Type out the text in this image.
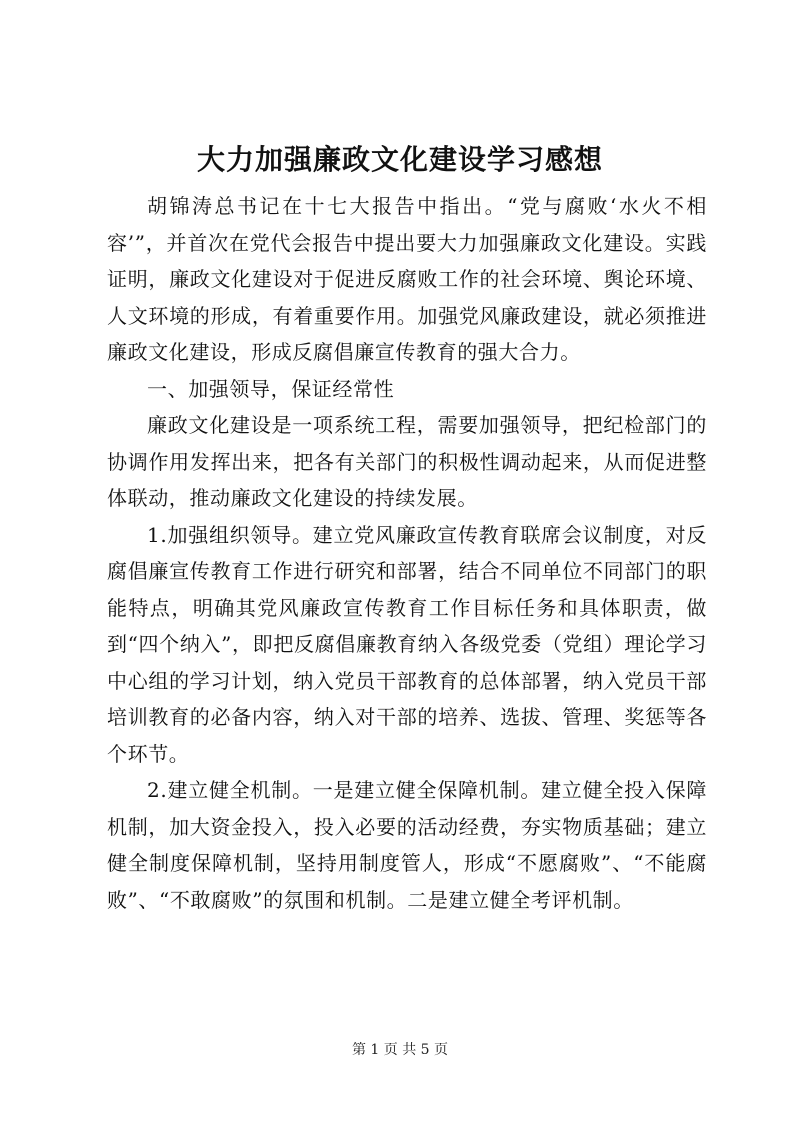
大力加强廉政文化建设学习感想

胡锦涛总书记在十七大报告中指出。“党与腐败‘水火不相容’”，并首次在党代会报告中提出要大力加强廉政文化建设。实践证明，廉政文化建设对于促进反腐败工作的社会环境、舆论环境、人文环境的形成，有着重要作用。加强党风廉政建设，就必须推进廉政文化建设，形成反腐倡廉宣传教育的强大合力。

一、加强领导，保证经常性

廉政文化建设是一项系统工程，需要加强领导，把纪检部门的协调作用发挥出来，把各有关部门的积极性调动起来，从而促进整体联动，推动廉政文化建设的持续发展。

1.加强组织领导。建立党风廉政宣传教育联席会议制度，对反腐倡廉宣传教育工作进行研究和部署，结合不同单位不同部门的职能特点，明确其党风廉政宣传教育工作目标任务和具体职责，做到“四个纳入”，即把反腐倡廉教育纳入各级党委（党组）理论学习中心组的学习计划，纳入党员干部教育的总体部署，纳入党员干部培训教育的必备内容，纳入对干部的培养、选拔、管理、奖惩等各个环节。

2.建立健全机制。一是建立健全保障机制。建立健全投入保障机制，加大资金投入，投入必要的活动经费，夯实物质基础；建立健全制度保障机制，坚持用制度管人，形成“不愿腐败”、“不能腐败”、“不敢腐败”的氛围和机制。二是建立健全考评机制。

第 1 页 共 5 页
